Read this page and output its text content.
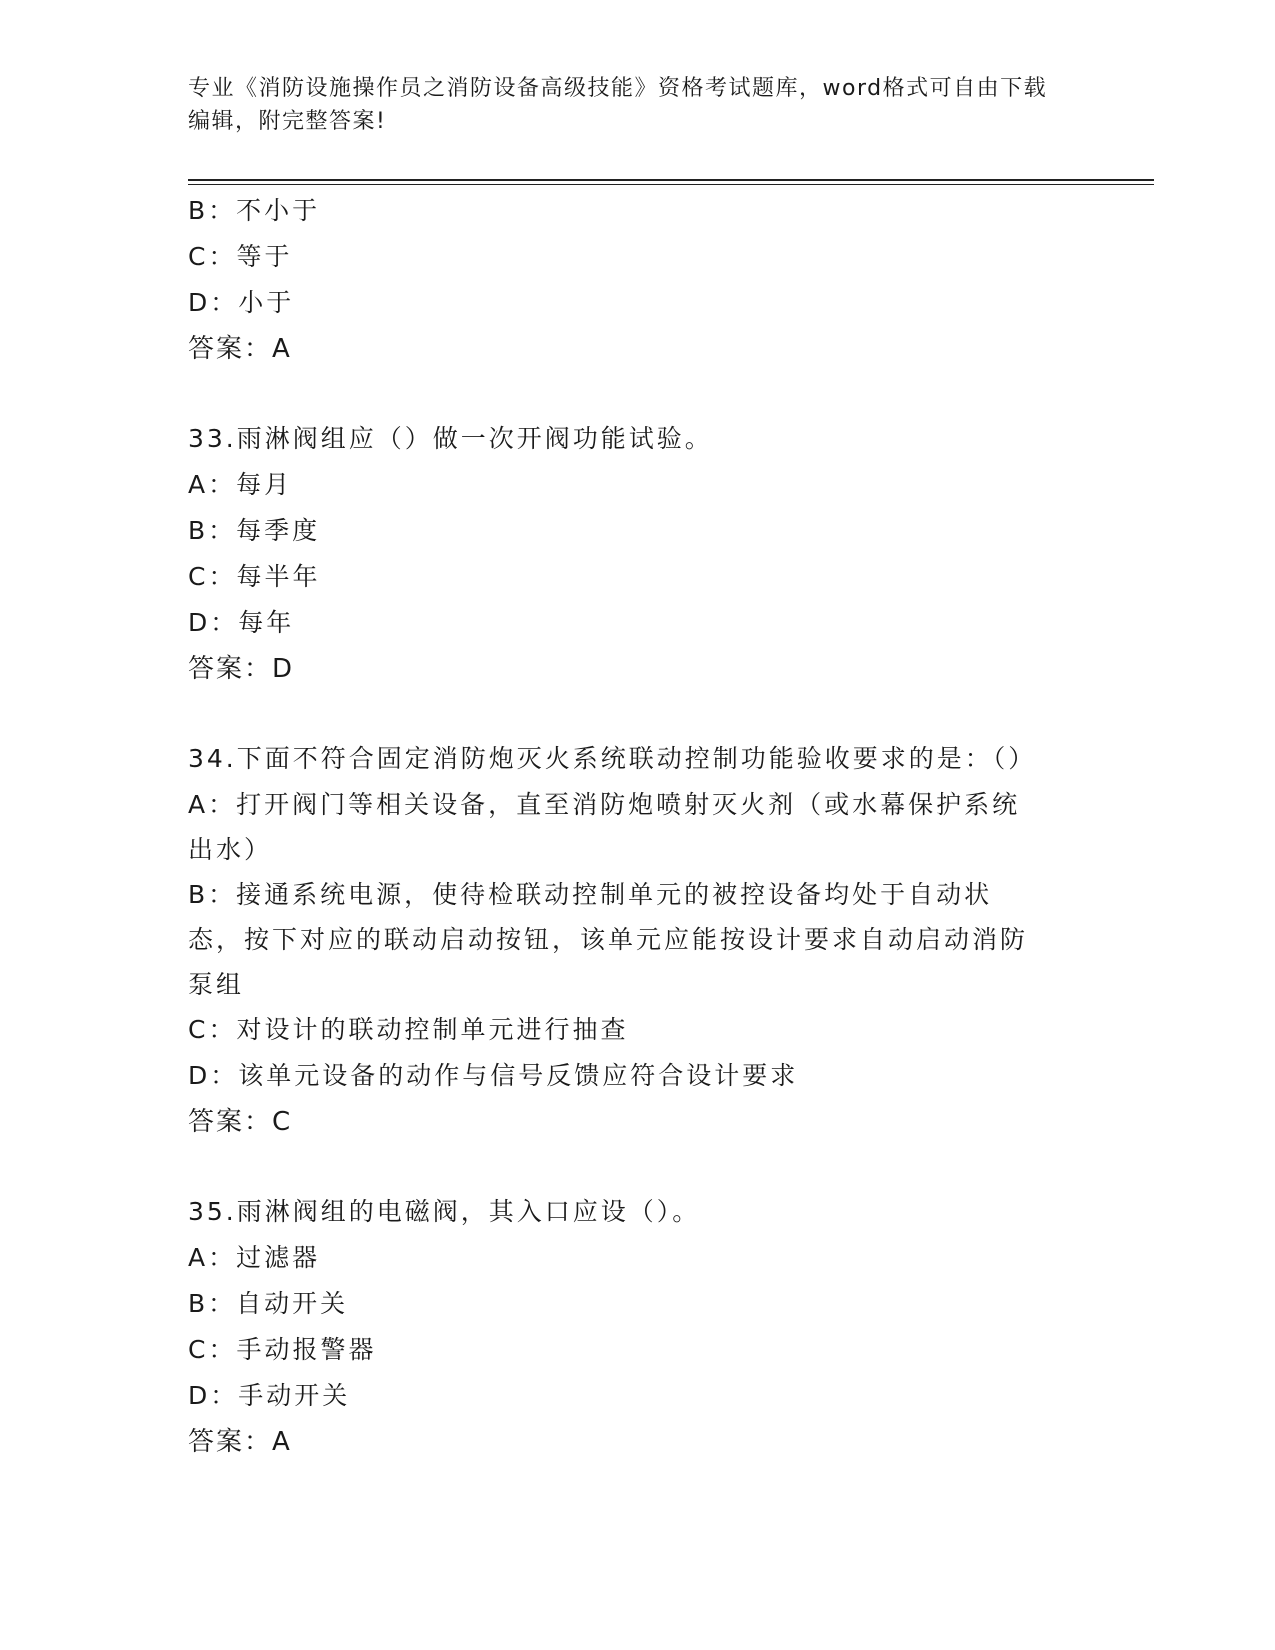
专业《消防设施操作员之消防设备高级技能》资格考试题库，word格式可自由下载编辑，附完整答案!
B：不小于
C：等于
D：小于
答案：A
33.雨淋阀组应（）做一次开阀功能试验。
A：每月
B：每季度
C：每半年
D：每年
答案：D
34.下面不符合固定消防炮灭火系统联动控制功能验收要求的是：（）
A：打开阀门等相关设备，直至消防炮喷射灭火剂（或水幕保护系统出水）
B：接通系统电源，使待检联动控制单元的被控设备均处于自动状态，按下对应的联动启动按钮，该单元应能按设计要求自动启动消防泵组
C：对设计的联动控制单元进行抽查
D：该单元设备的动作与信号反馈应符合设计要求
答案：C
35.雨淋阀组的电磁阀，其入口应设（）。
A：过滤器
B：自动开关
C：手动报警器
D：手动开关
答案：A
